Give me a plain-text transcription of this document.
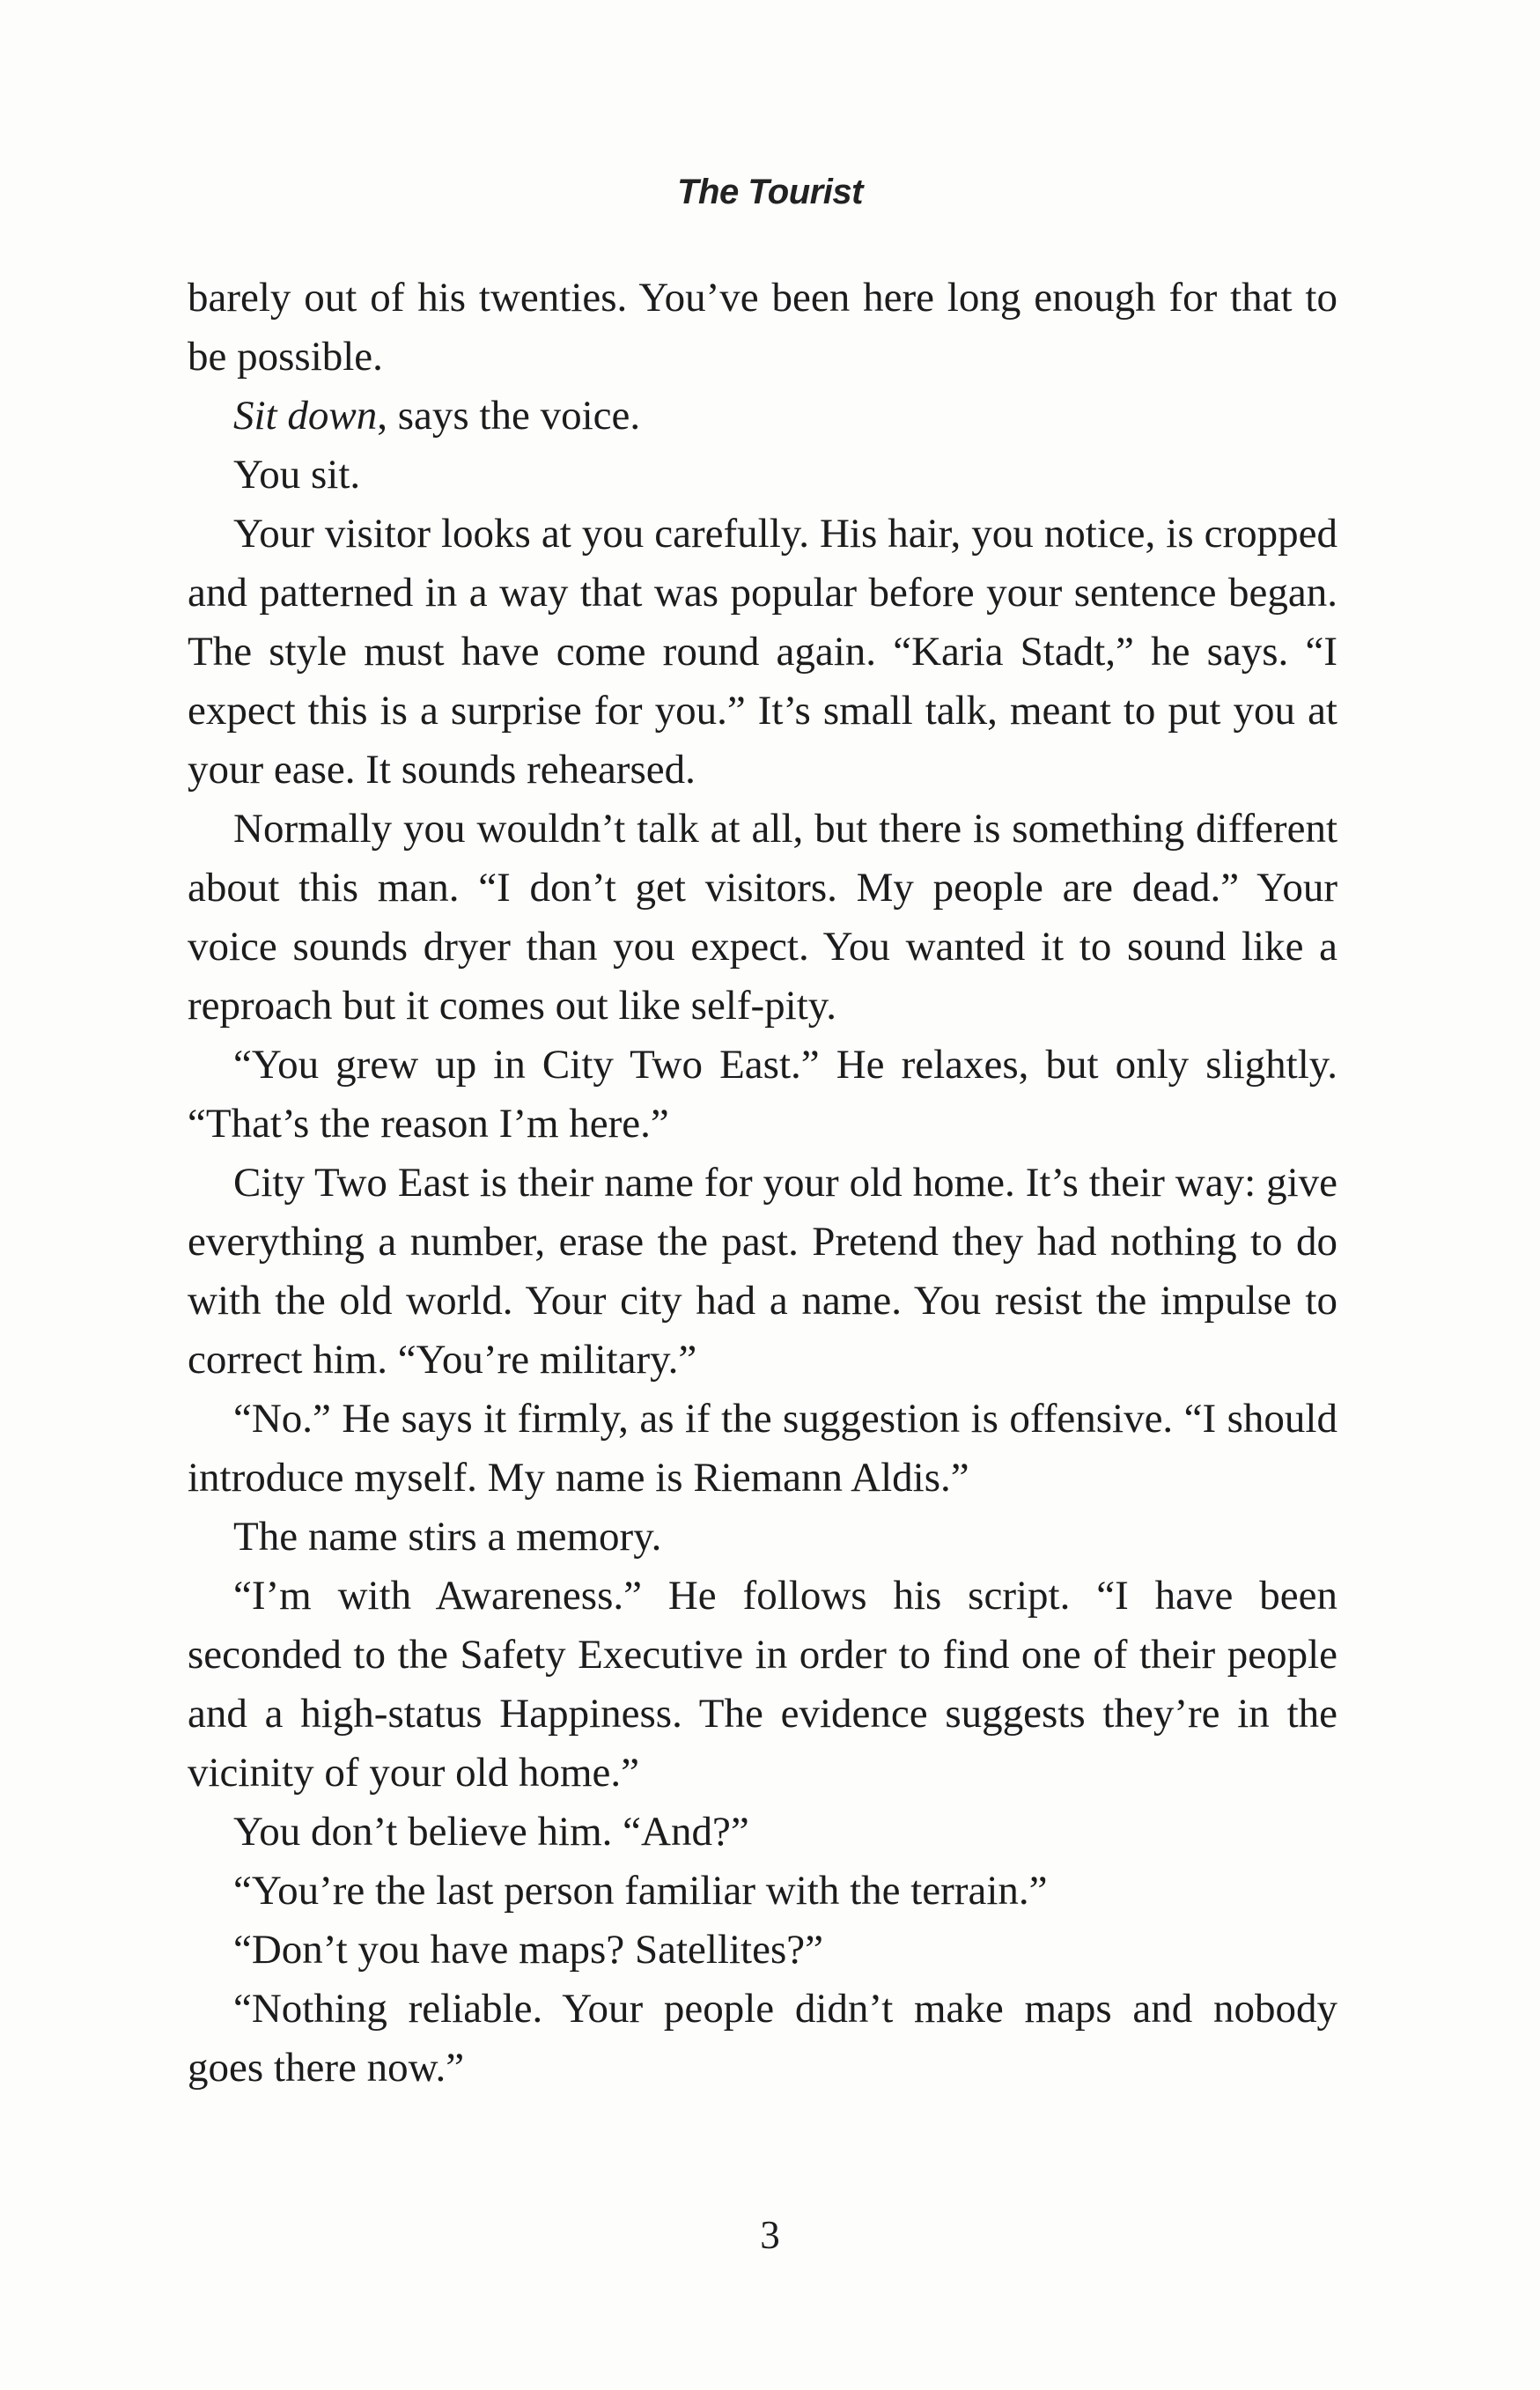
The Tourist

barely out of his twenties. You’ve been here long enough for that to be possible.

Sit down, says the voice.

You sit.

Your visitor looks at you carefully. His hair, you notice, is cropped and patterned in a way that was popular before your sentence began. The style must have come round again. “Karia Stadt,” he says. “I expect this is a surprise for you.” It’s small talk, meant to put you at your ease. It sounds rehearsed.

Normally you wouldn’t talk at all, but there is something different about this man. “I don’t get visitors. My people are dead.” Your voice sounds dryer than you expect. You wanted it to sound like a reproach but it comes out like self-pity.

“You grew up in City Two East.” He relaxes, but only slightly. “That’s the reason I’m here.”

City Two East is their name for your old home. It’s their way: give everything a number, erase the past. Pretend they had nothing to do with the old world. Your city had a name. You resist the impulse to correct him. “You’re military.”

“No.” He says it firmly, as if the suggestion is offensive. “I should introduce myself. My name is Riemann Aldis.”

The name stirs a memory.

“I’m with Awareness.” He follows his script. “I have been seconded to the Safety Executive in order to find one of their people and a high-status Happiness. The evidence suggests they’re in the vicinity of your old home.”

You don’t believe him. “And?”

“You’re the last person familiar with the terrain.”

“Don’t you have maps? Satellites?”

“Nothing reliable. Your people didn’t make maps and nobody goes there now.”

3
